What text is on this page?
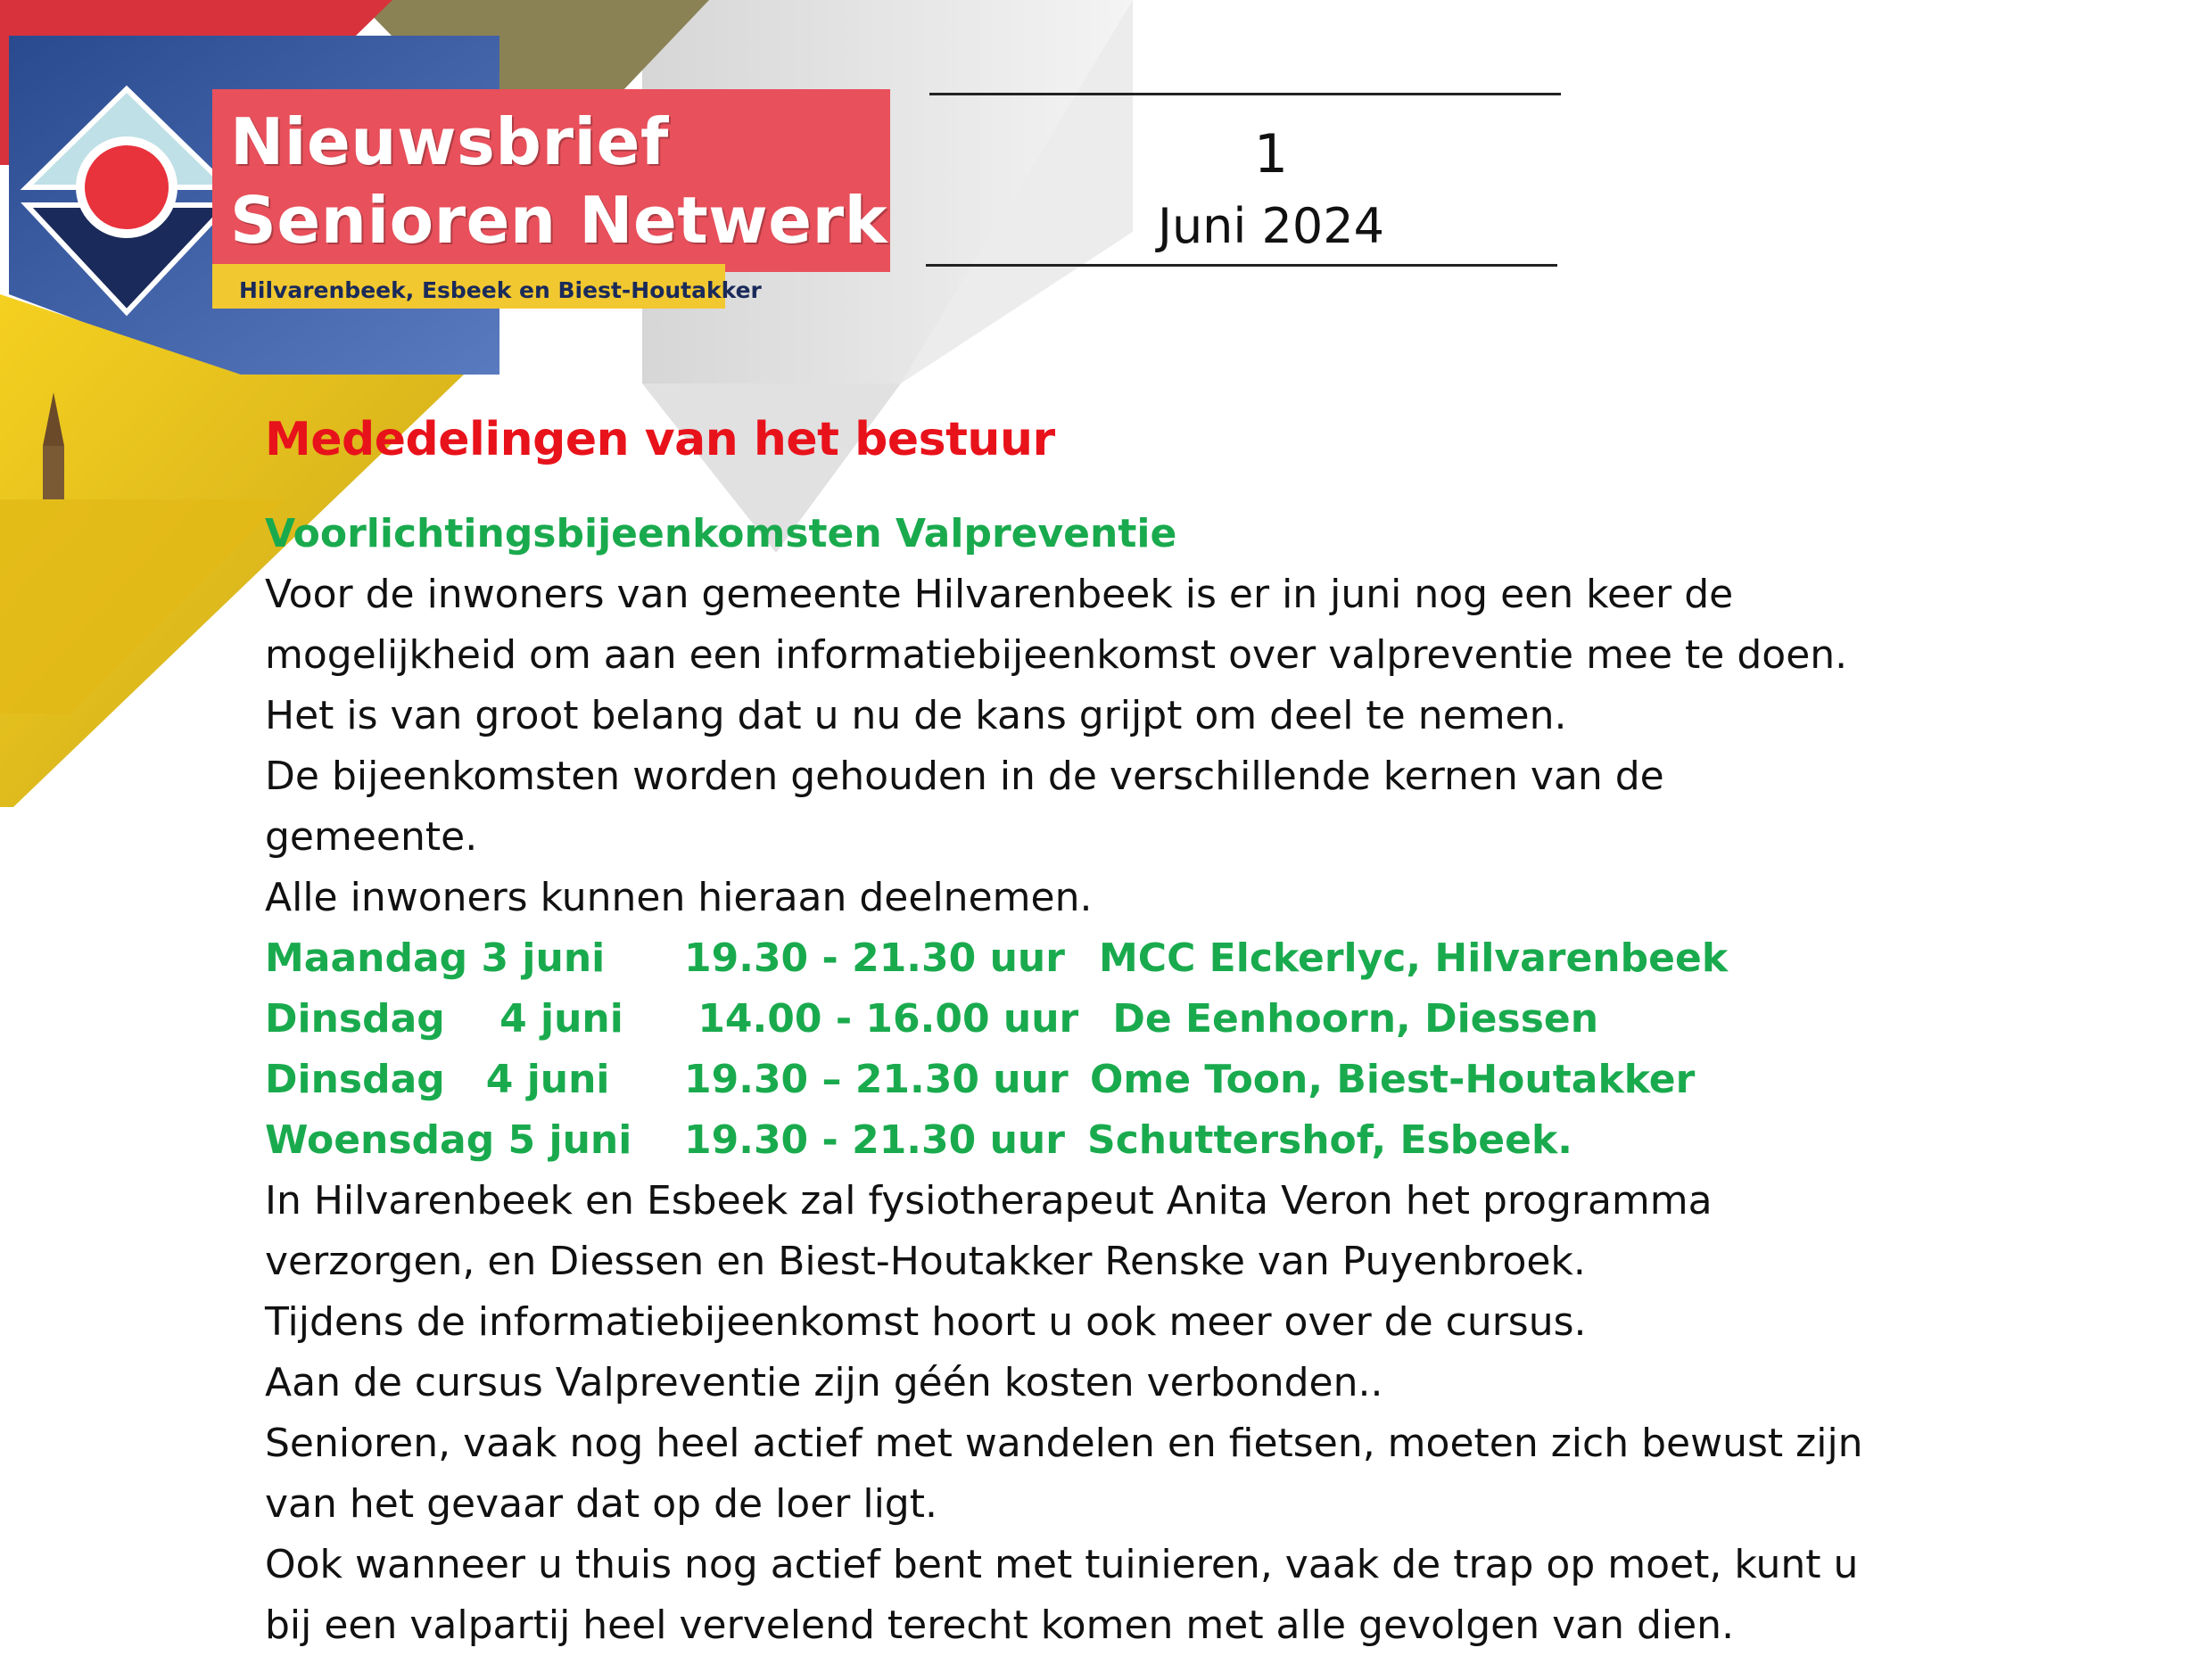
Nieuwsbrief
Senioren Netwerk
Hilvarenbeek, Esbeek en Biest-Houtakker
1
Juni 2024
Mededelingen van het bestuur
Voorlichtingsbijeenkomsten Valpreventie

Voor de inwoners van gemeente Hilvarenbeek is er in juni nog een keer de

mogelijkheid om aan een informatiebijeenkomst over valpreventie mee te doen.

Het is van groot belang dat u nu de kans grijpt om deel te nemen.

De bijeenkomsten worden gehouden in de verschillende kernen van de

gemeente.

Alle inwoners kunnen hieraan deelnemen.

Maandag 3 juni 19.30 - 21.30 uur MCC Elckerlyc, Hilvarenbeek
Dinsdag    4 juni 14.00 - 16.00 uur De Eenhoorn, Diessen
Dinsdag   4 juni 19.30 – 21.30 uur Ome Toon, Biest-Houtakker
Woensdag 5 juni 19.30 - 21.30 uur Schuttershof, Esbeek.

In Hilvarenbeek en Esbeek zal fysiotherapeut Anita Veron het programma

verzorgen, en Diessen en Biest-Houtakker Renske van Puyenbroek.

Tijdens de informatiebijeenkomst hoort u ook meer over de cursus.

Aan de cursus Valpreventie zijn géén kosten verbonden..

Senioren, vaak nog heel actief met wandelen en fietsen, moeten zich bewust zijn

van het gevaar dat op de loer ligt.

Ook wanneer u thuis nog actief bent met tuinieren, vaak de trap op moet, kunt u

bij een valpartij heel vervelend terecht komen met alle gevolgen van dien.
